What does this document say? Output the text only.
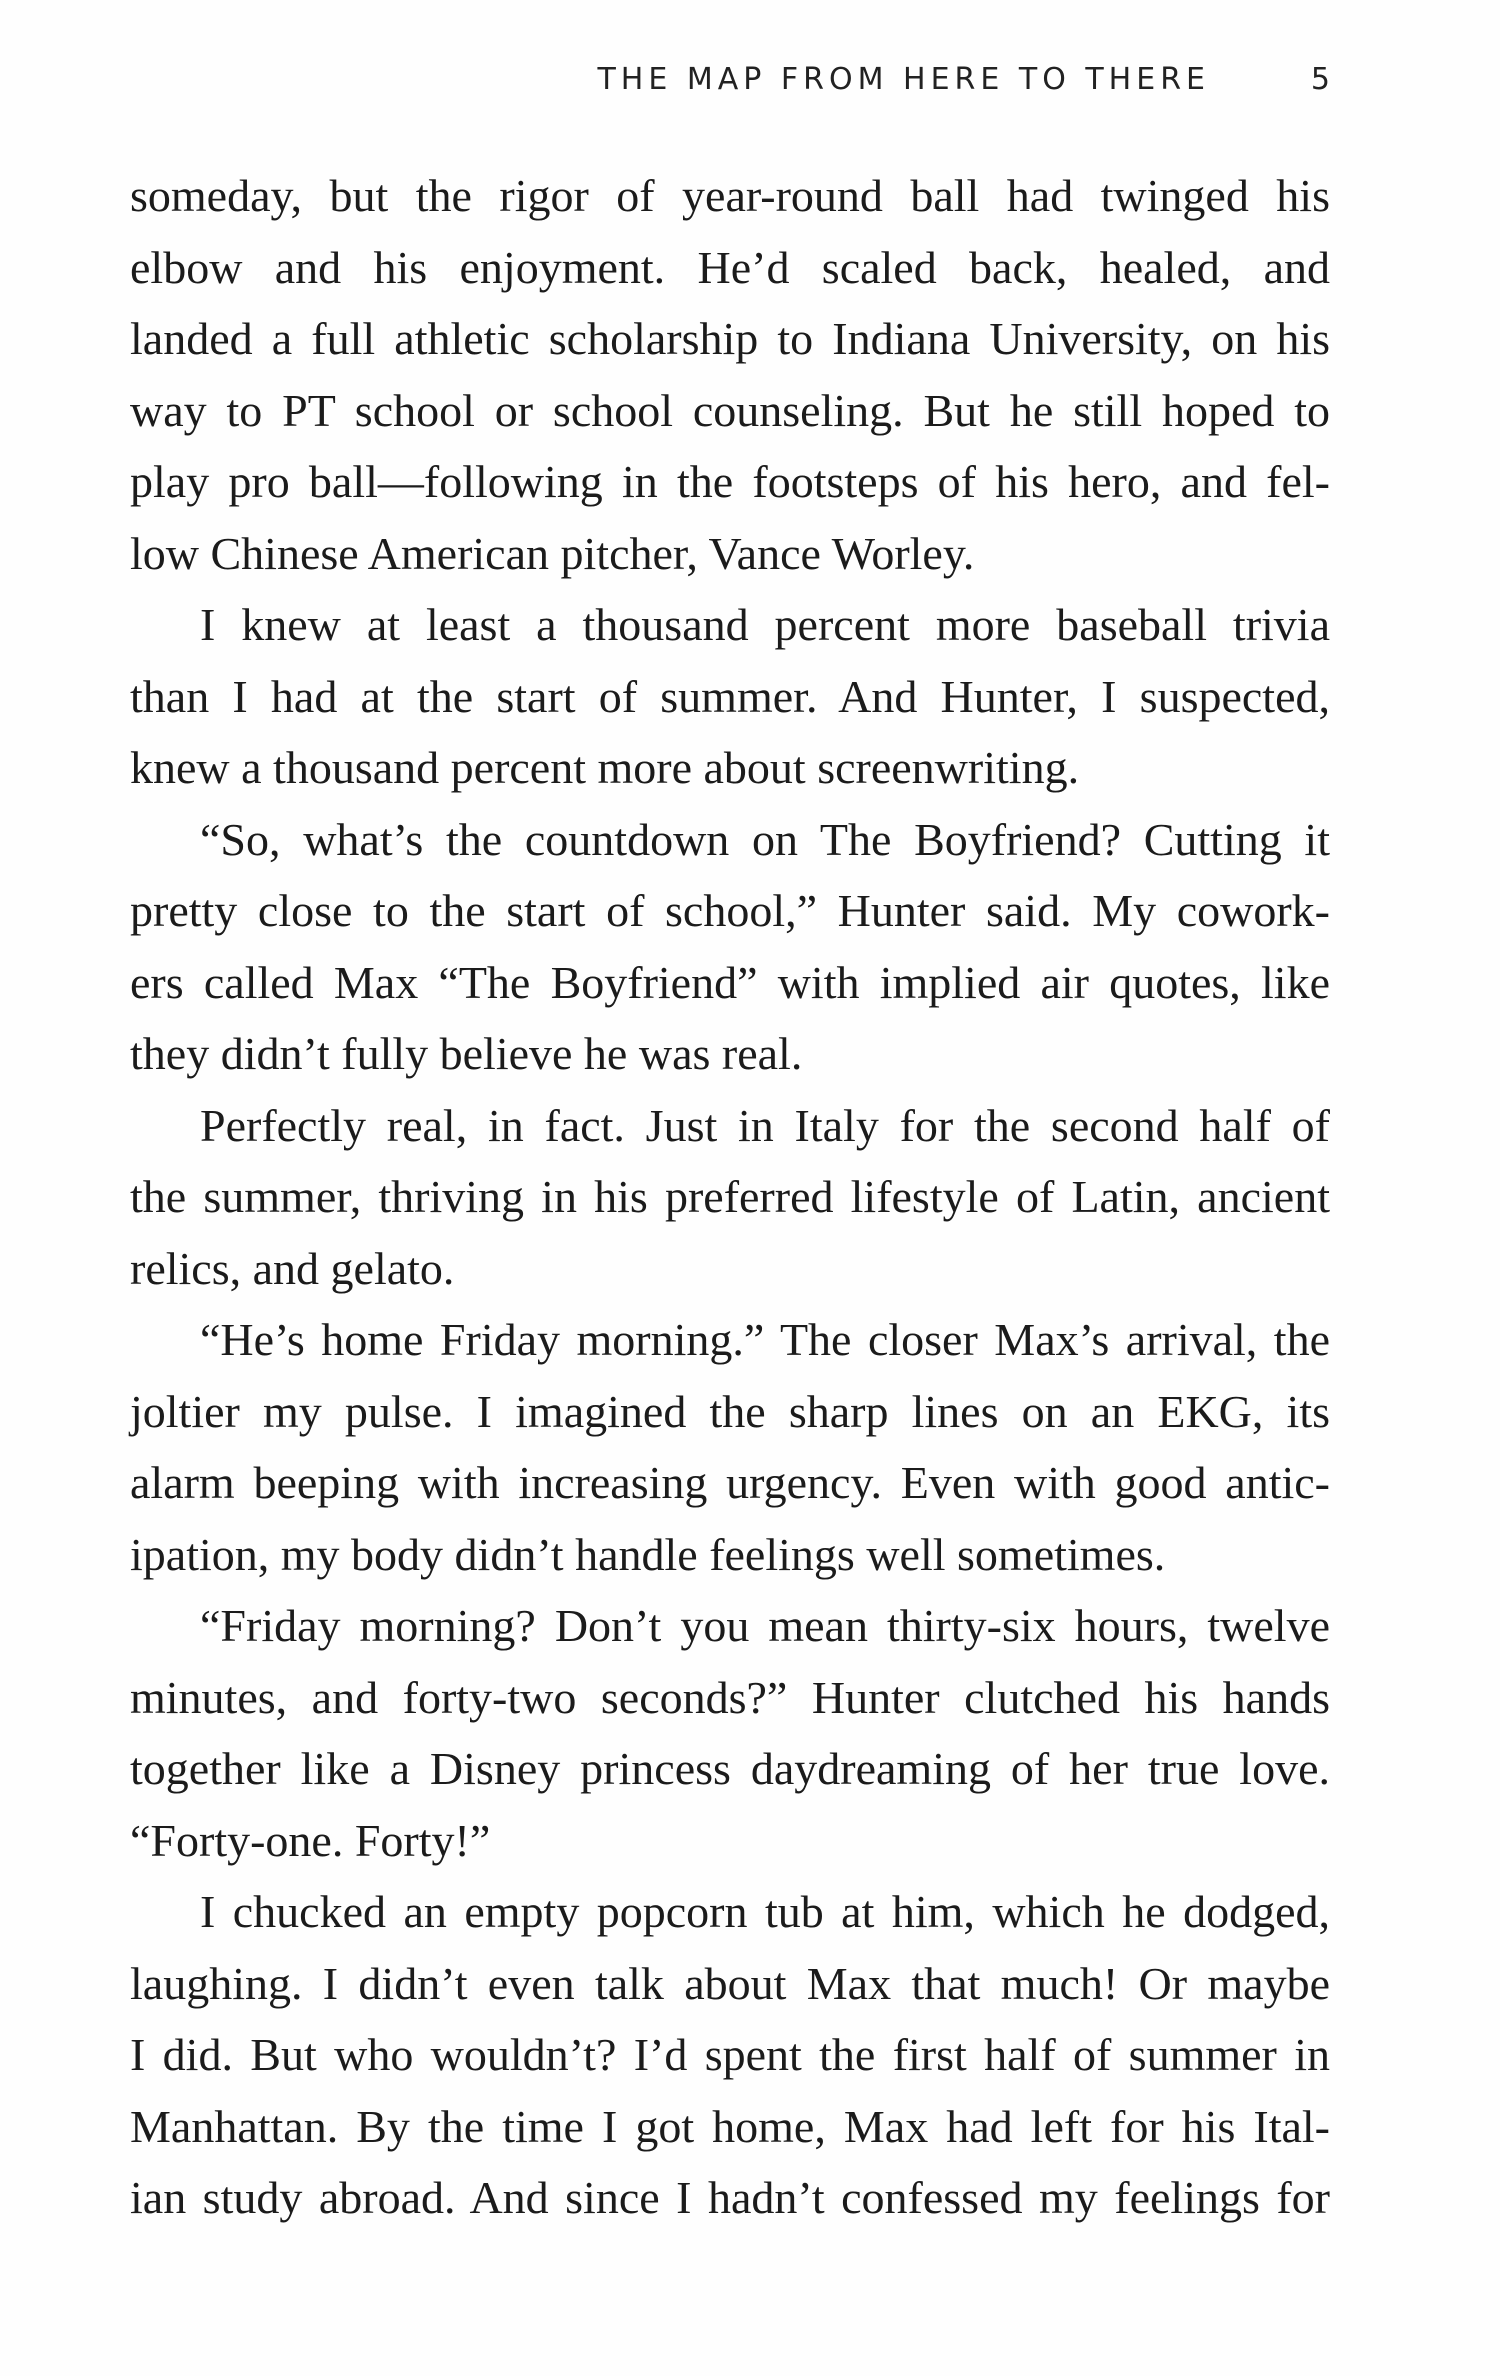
THE MAP FROM HERE TO THERE	5

someday, but the rigor of year-round ball had twinged his

elbow and his enjoyment. He’d scaled back, healed, and

landed a full athletic scholarship to Indiana University, on his

way to PT school or school counseling. But he still hoped to

play pro ball—following in the footsteps of his hero, and fel-

low Chinese American pitcher, Vance Worley.

I knew at least a thousand percent more baseball trivia

than I had at the start of summer. And Hunter, I suspected,

knew a thousand percent more about screenwriting.

“So, what’s the countdown on The Boyfriend? Cutting it

pretty close to the start of school,” Hunter said. My cowork-

ers called Max “The Boyfriend” with implied air quotes, like

they didn’t fully believe he was real.

Perfectly real, in fact. Just in Italy for the second half of

the summer, thriving in his preferred lifestyle of Latin, ancient

relics, and gelato.

“He’s home Friday morning.” The closer Max’s arrival, the

joltier my pulse. I imagined the sharp lines on an EKG, its

alarm beeping with increasing urgency. Even with good antic-

ipation, my body didn’t handle feelings well sometimes.

“Friday morning? Don’t you mean thirty-six hours, twelve

minutes, and forty-two seconds?” Hunter clutched his hands

together like a Disney princess daydreaming of her true love.

“Forty-one. Forty!”

I chucked an empty popcorn tub at him, which he dodged,

laughing. I didn’t even talk about Max that much! Or maybe

I did. But who wouldn’t? I’d spent the first half of summer in

Manhattan. By the time I got home, Max had left for his Ital-

ian study abroad. And since I hadn’t confessed my feelings for
